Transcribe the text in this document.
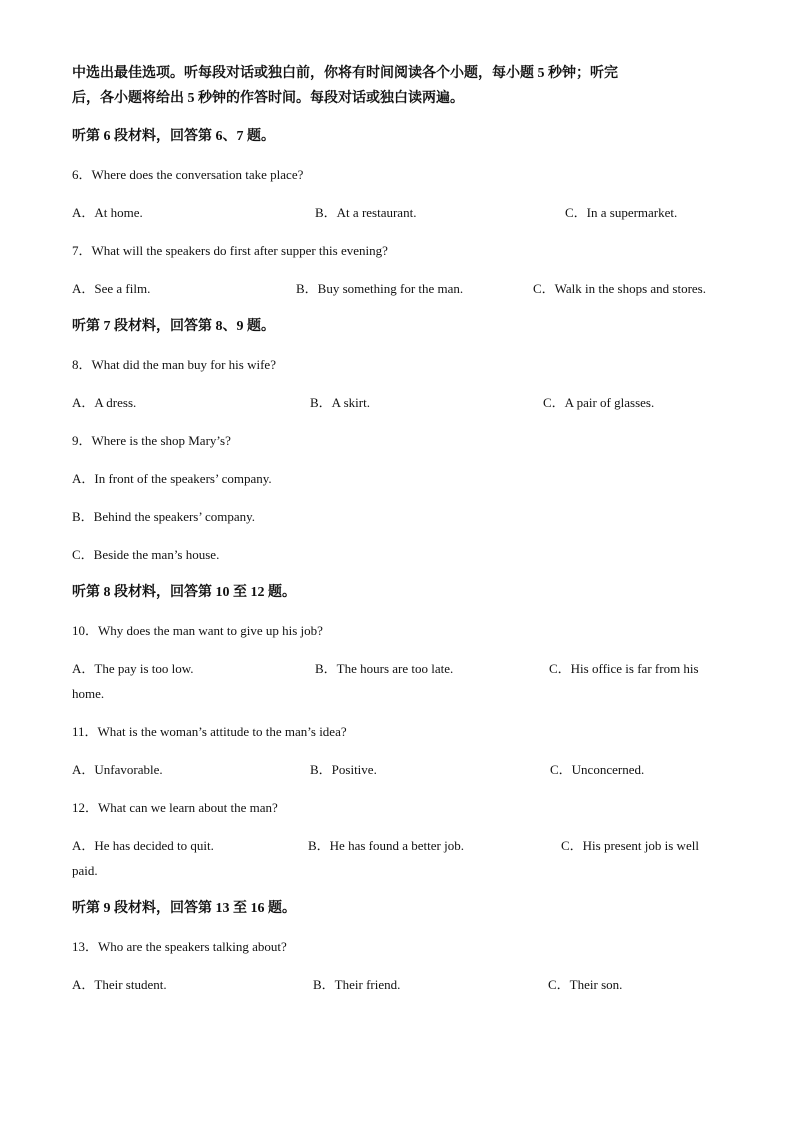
中选出最佳选项。听每段对话或独白前，你将有时间阅读各个小题，每小题 5 秒钟；听完
后，各小题将给出 5 秒钟的作答时间。每段对话或独白读两遍。
听第 6 段材料，回答第 6、7 题。
6．Where does the conversation take place?
A．At home.	B．At a restaurant.	C．In a supermarket.
7．What will the speakers do first after supper this evening?
A．See a film.	B．Buy something for the man.	C．Walk in the shops and stores.
听第 7 段材料，回答第 8、9 题。
8．What did the man buy for his wife?
A．A dress.	B．A skirt.	C．A pair of glasses.
9．Where is the shop Mary’s?
A．In front of the speakers’ company.
B．Behind the speakers’ company.
C．Beside the man’s house.
听第 8 段材料，回答第 10 至 12 题。
10．Why does the man want to give up his job?
A．The pay is too low.	B．The hours are too late.	C．His office is far from his
home.
11．What is the woman’s attitude to the man’s idea?
A．Unfavorable.	B．Positive.	C．Unconcerned.
12．What can we learn about the man?
A．He has decided to quit.	B．He has found a better job.	C．His present job is well
paid.
听第 9 段材料，回答第 13 至 16 题。
13．Who are the speakers talking about?
A．Their student.	B．Their friend.	C．Their son.
